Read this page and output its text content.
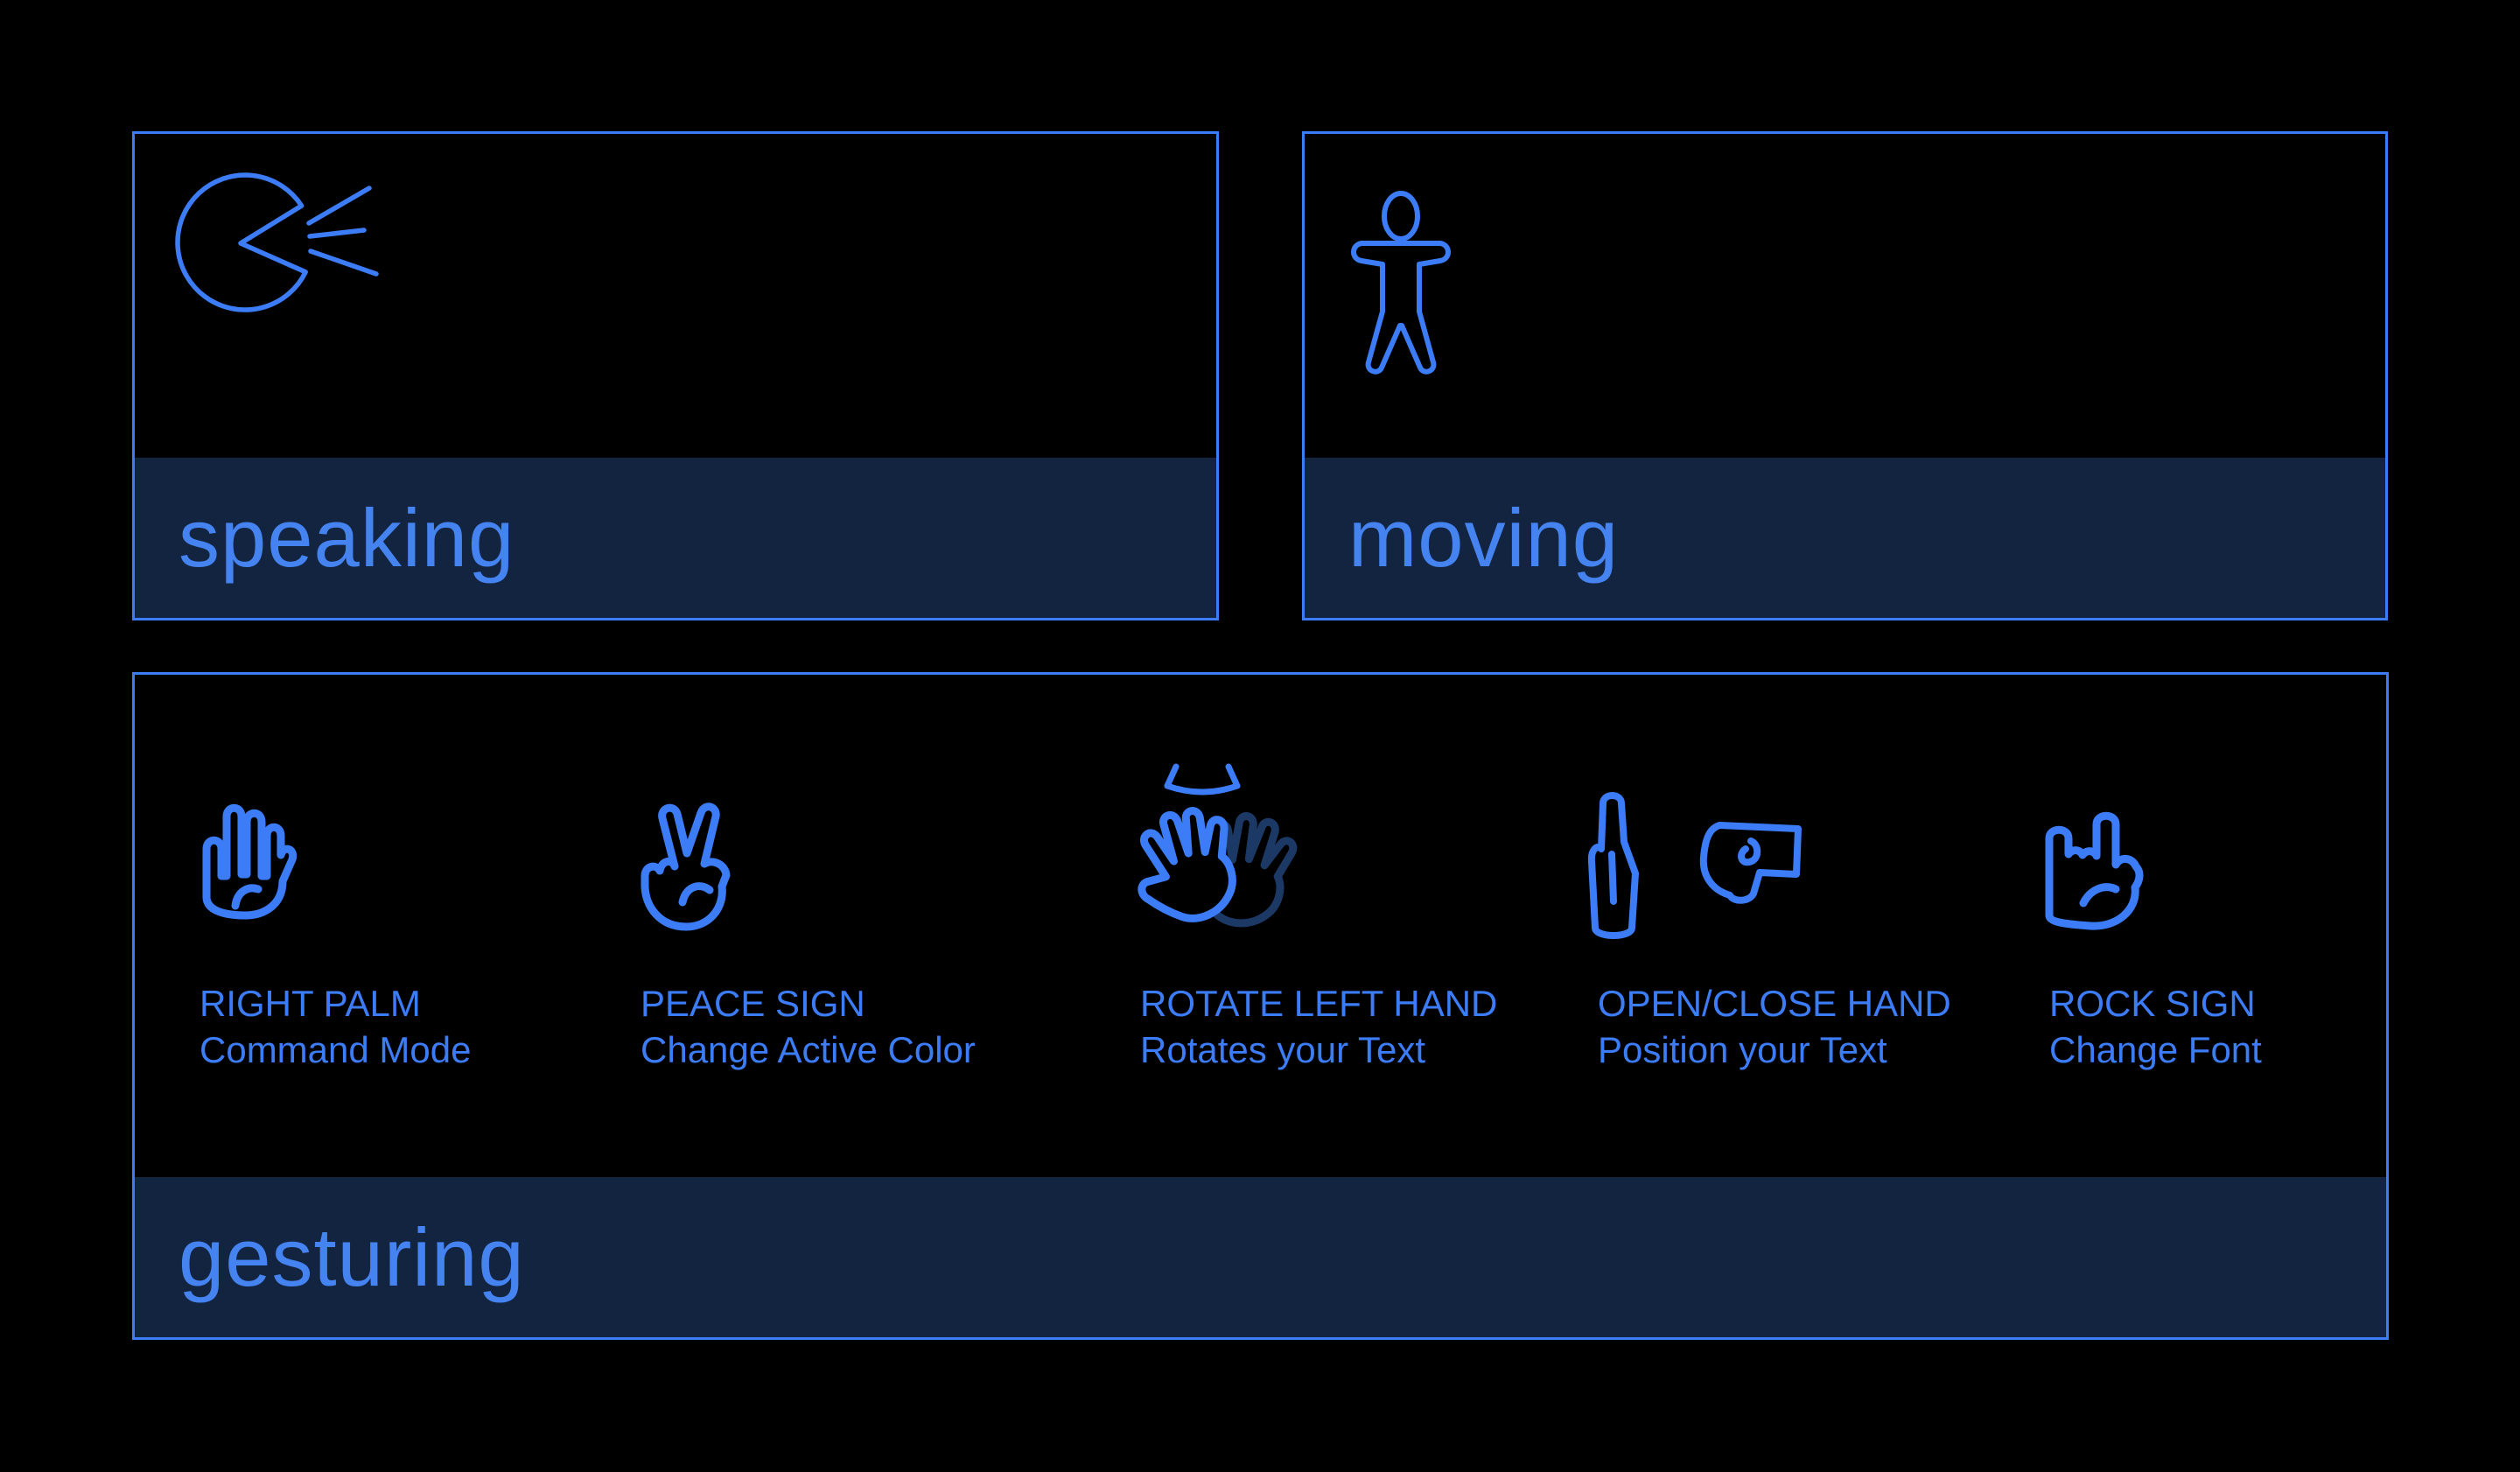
speaking	moving
RIGHT PALM
Command Mode
PEACE SIGN
Change Active Color
ROTATE LEFT HAND
Rotates your Text
OPEN/CLOSE HAND
Position your Text
ROCK SIGN
Change Font
gesturing
